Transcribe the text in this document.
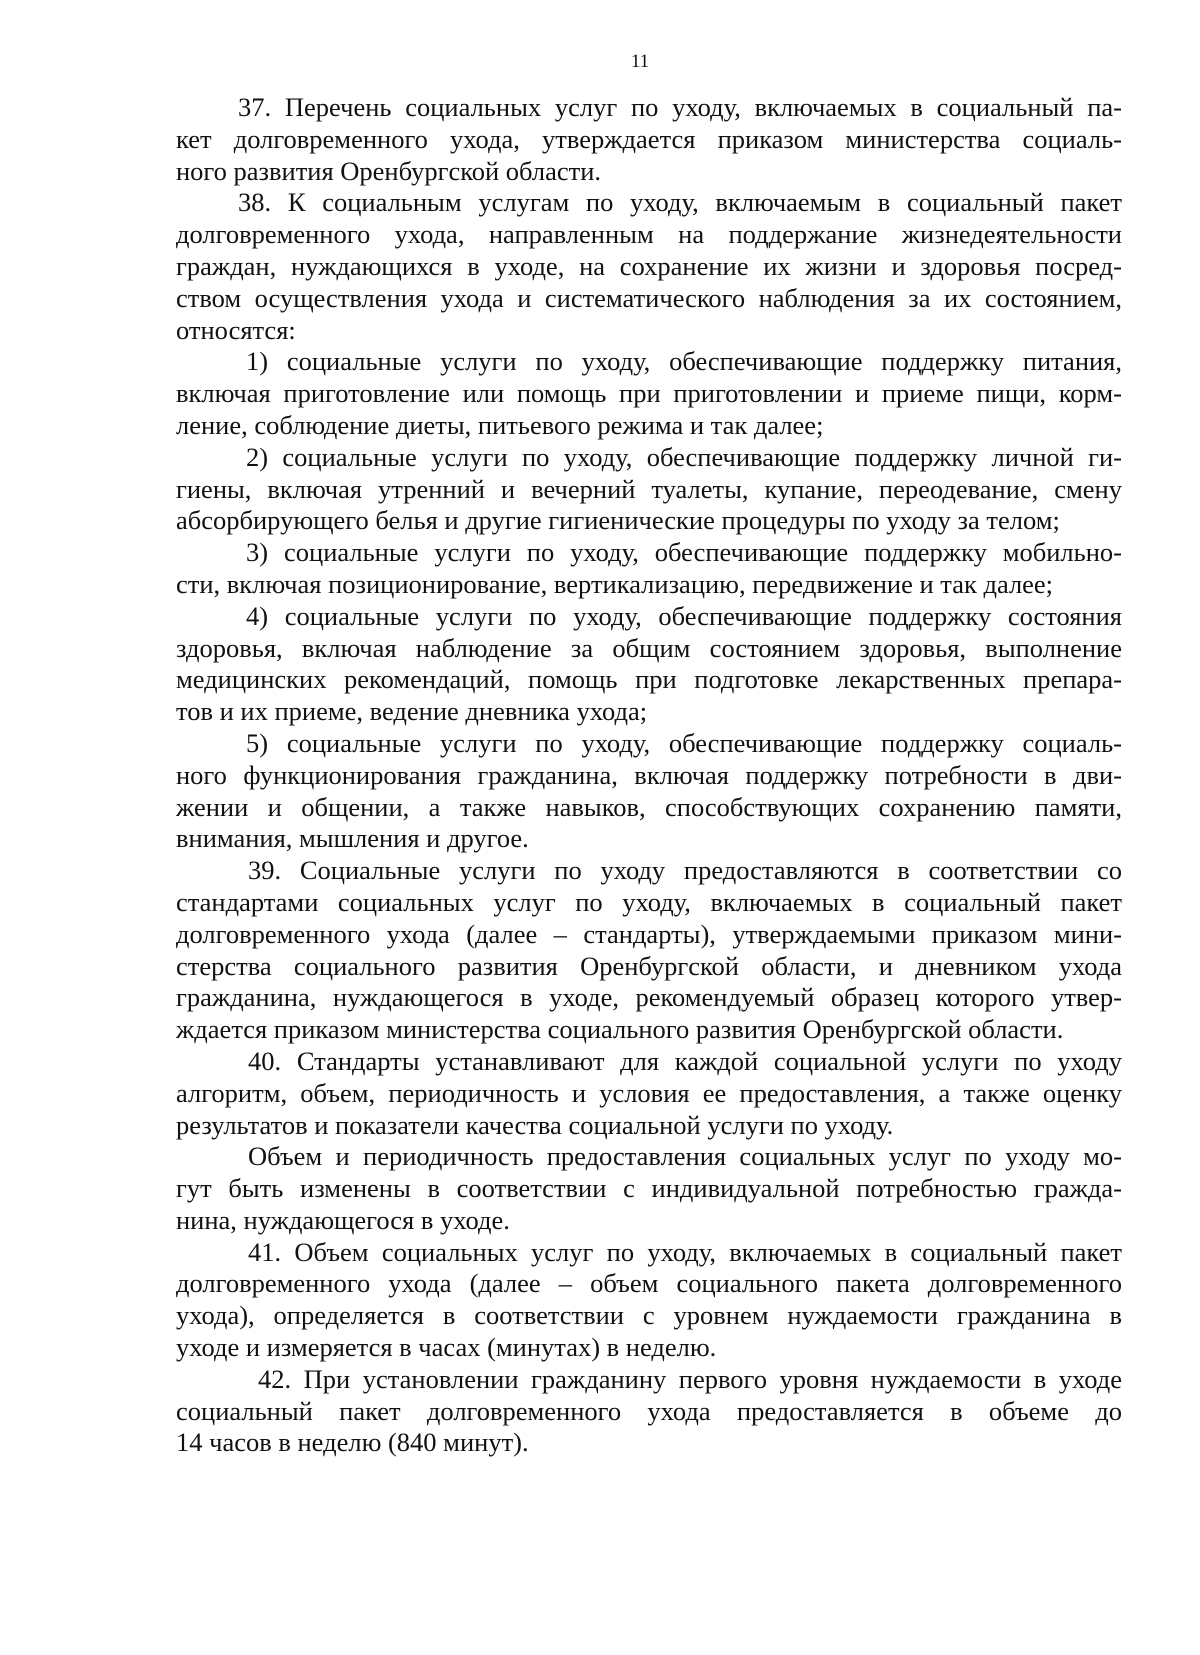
11
37. Перечень социальных услуг по уходу, включаемых в социальный па-
кет долговременного ухода, утверждается приказом министерства социаль-
ного развития Оренбургской области.
38. К социальным услугам по уходу, включаемым в социальный пакет
долговременного ухода, направленным на поддержание жизнедеятельности
граждан, нуждающихся в уходе, на сохранение их жизни и здоровья посред-
ством осуществления ухода и систематического наблюдения за их состоянием,
относятся:
1) социальные услуги по уходу, обеспечивающие поддержку питания,
включая приготовление или помощь при приготовлении и приеме пищи, корм-
ление, соблюдение диеты, питьевого режима и так далее;
2) социальные услуги по уходу, обеспечивающие поддержку личной ги-
гиены, включая утренний и вечерний туалеты, купание, переодевание, смену
абсорбирующего белья и другие гигиенические процедуры по уходу за телом;
3) социальные услуги по уходу, обеспечивающие поддержку мобильно-
сти, включая позиционирование, вертикализацию, передвижение и так далее;
4) социальные услуги по уходу, обеспечивающие поддержку состояния
здоровья, включая наблюдение за общим состоянием здоровья, выполнение
медицинских рекомендаций, помощь при подготовке лекарственных препара-
тов и их приеме, ведение дневника ухода;
5) социальные услуги по уходу, обеспечивающие поддержку социаль-
ного функционирования гражданина, включая поддержку потребности в дви-
жении и общении, а также навыков, способствующих сохранению памяти,
внимания, мышления и другое.
39. Социальные услуги по уходу предоставляются в соответствии со
стандартами социальных услуг по уходу, включаемых в социальный пакет
долговременного ухода (далее – стандарты), утверждаемыми приказом мини-
стерства социального развития Оренбургской области, и дневником ухода
гражданина, нуждающегося в уходе, рекомендуемый образец которого утвер-
ждается приказом министерства социального развития Оренбургской области.
40. Стандарты устанавливают для каждой социальной услуги по уходу
алгоритм, объем, периодичность и условия ее предоставления, а также оценку
результатов и показатели качества социальной услуги по уходу.
Объем и периодичность предоставления социальных услуг по уходу мо-
гут быть изменены в соответствии с индивидуальной потребностью гражда-
нина, нуждающегося в уходе.
41. Объем социальных услуг по уходу, включаемых в социальный пакет
долговременного ухода (далее – объем социального пакета долговременного
ухода), определяется в соответствии с уровнем нуждаемости гражданина в
уходе и измеряется в часах (минутах) в неделю.
42. При установлении гражданину первого уровня нуждаемости в уходе
социальный пакет долговременного ухода предоставляется в объеме до
14 часов в неделю (840 минут).
